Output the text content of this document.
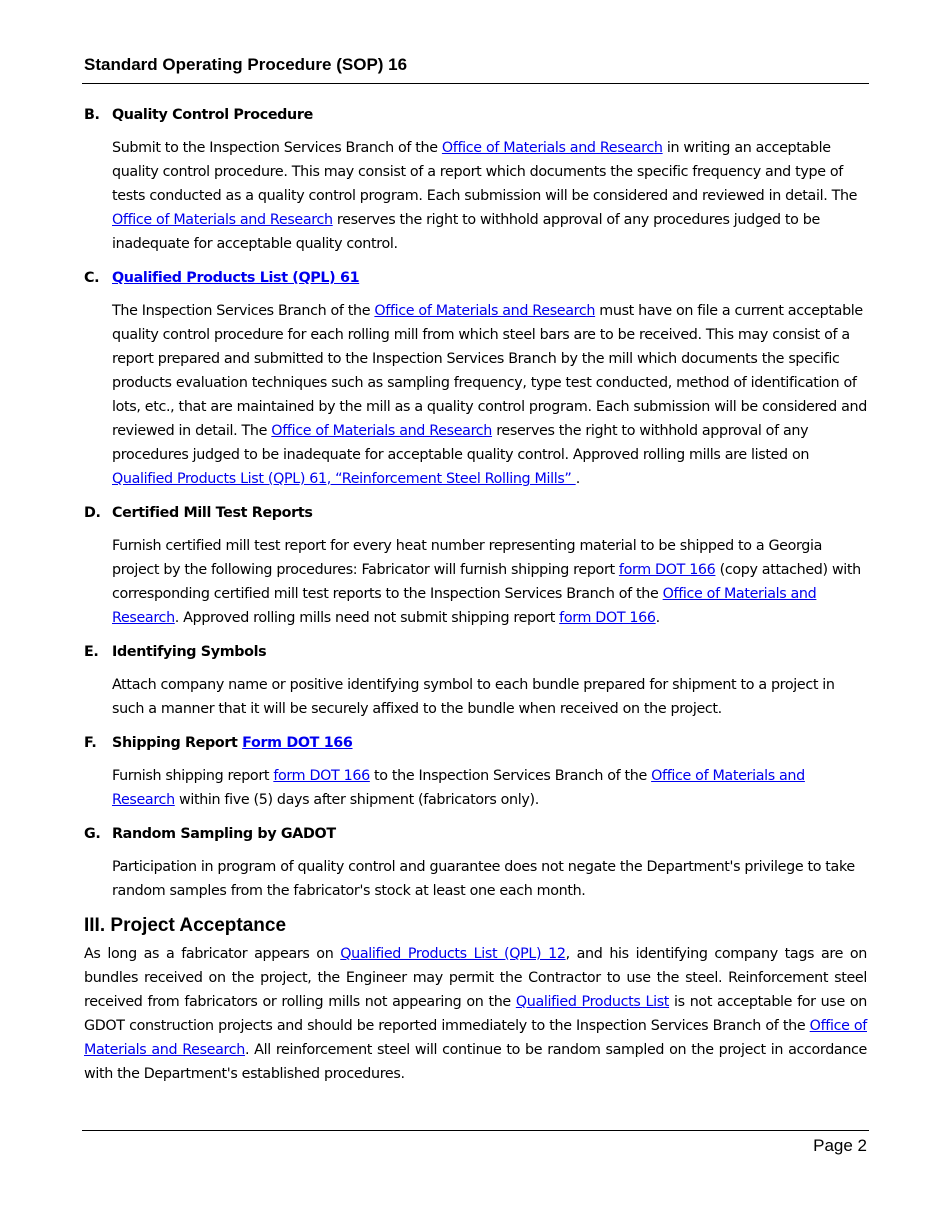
Standard Operating Procedure (SOP) 16
B. Quality Control Procedure
Submit to the Inspection Services Branch of the Office of Materials and Research in writing an acceptable quality control procedure. This may consist of a report which documents the specific frequency and type of tests conducted as a quality control program. Each submission will be considered and reviewed in detail. The Office of Materials and Research reserves the right to withhold approval of any procedures judged to be inadequate for acceptable quality control.
C. Qualified Products List (QPL) 61
The Inspection Services Branch of the Office of Materials and Research must have on file a current acceptable quality control procedure for each rolling mill from which steel bars are to be received. This may consist of a report prepared and submitted to the Inspection Services Branch by the mill which documents the specific products evaluation techniques such as sampling frequency, type test conducted, method of identification of lots, etc., that are maintained by the mill as a quality control program. Each submission will be considered and reviewed in detail. The Office of Materials and Research reserves the right to withhold approval of any procedures judged to be inadequate for acceptable quality control. Approved rolling mills are listed on Qualified Products List (QPL) 61, “Reinforcement Steel Rolling Mills” .
D. Certified Mill Test Reports
Furnish certified mill test report for every heat number representing material to be shipped to a Georgia project by the following procedures: Fabricator will furnish shipping report form DOT 166 (copy attached) with corresponding certified mill test reports to the Inspection Services Branch of the Office of Materials and Research. Approved rolling mills need not submit shipping report form DOT 166.
E. Identifying Symbols
Attach company name or positive identifying symbol to each bundle prepared for shipment to a project in such a manner that it will be securely affixed to the bundle when received on the project.
F.	Shipping Report Form DOT 166
Furnish shipping report form DOT 166 to the Inspection Services Branch of the Office of Materials and Research within five (5) days after shipment (fabricators only).
G. Random Sampling by GADOT
Participation in program of quality control and guarantee does not negate the Department's privilege to take random samples from the fabricator's stock at least one each month.
III. Project Acceptance
As long as a fabricator appears on Qualified Products List (QPL) 12, and his identifying company tags are on bundles received on the project, the Engineer may permit the Contractor to use the steel. Reinforcement steel received from fabricators or rolling mills not appearing on the Qualified Products List is not acceptable for use on GDOT construction projects and should be reported immediately to the Inspection Services Branch of the Office of Materials and Research. All reinforcement steel will continue to be random sampled on the project in accordance with the Department's established procedures.
Page 2
